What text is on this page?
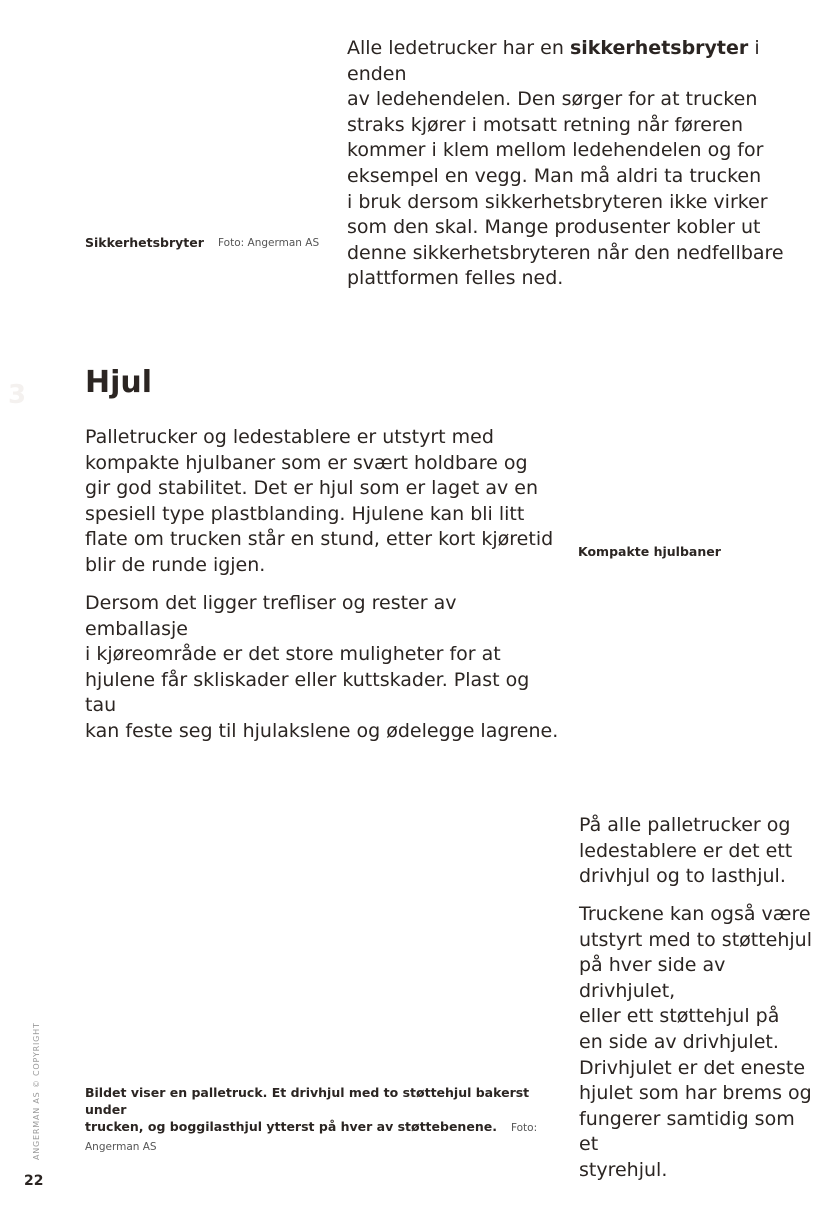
Alle ledetrucker har en sikkerhetsbryter i enden
av ledehendelen. Den sørger for at trucken
straks kjører i motsatt retning når føreren
kommer i klem mellom ledehendelen og for
eksempel en vegg. Man må aldri ta trucken
i bruk dersom sikkerhetsbryteren ikke virker
som den skal. Mange produsenter kobler ut
denne sikkerhetsbryteren når den nedfellbare
plattformen felles ned.
Sikkerhetsbryter Foto: Angerman AS
3 Hjul
Palletrucker og ledestablere er utstyrt med
kompakte hjulbaner som er svært holdbare og
gir god stabilitet. Det er hjul som er laget av en
spesiell type plastblanding. Hjulene kan bli litt
flate om trucken står en stund, etter kort kjøretid
blir de runde igjen.
Dersom det ligger trefliser og rester av emballasje
i kjøreområde er det store muligheter for at
hjulene får skliskader eller kuttskader. Plast og tau
kan feste seg til hjulakslene og ødelegge lagrene.
Kompakte hjulbaner
Bildet viser en palletruck. Et drivhjul med to støttehjul bakerst under
trucken, og boggilasthjul ytterst på hver av støttebenene. Foto: Angerman AS
På alle palletrucker og
ledestablere er det ett
drivhjul og to lasthjul.
Truckene kan også være
utstyrt med to støttehjul
på hver side av drivhjulet,
eller ett støttehjul på
en side av drivhjulet.
Drivhjulet er det eneste
hjulet som har brems og
fungerer samtidig som et
styrehjul.
ANGERMAN AS © COPYRIGHT
22
